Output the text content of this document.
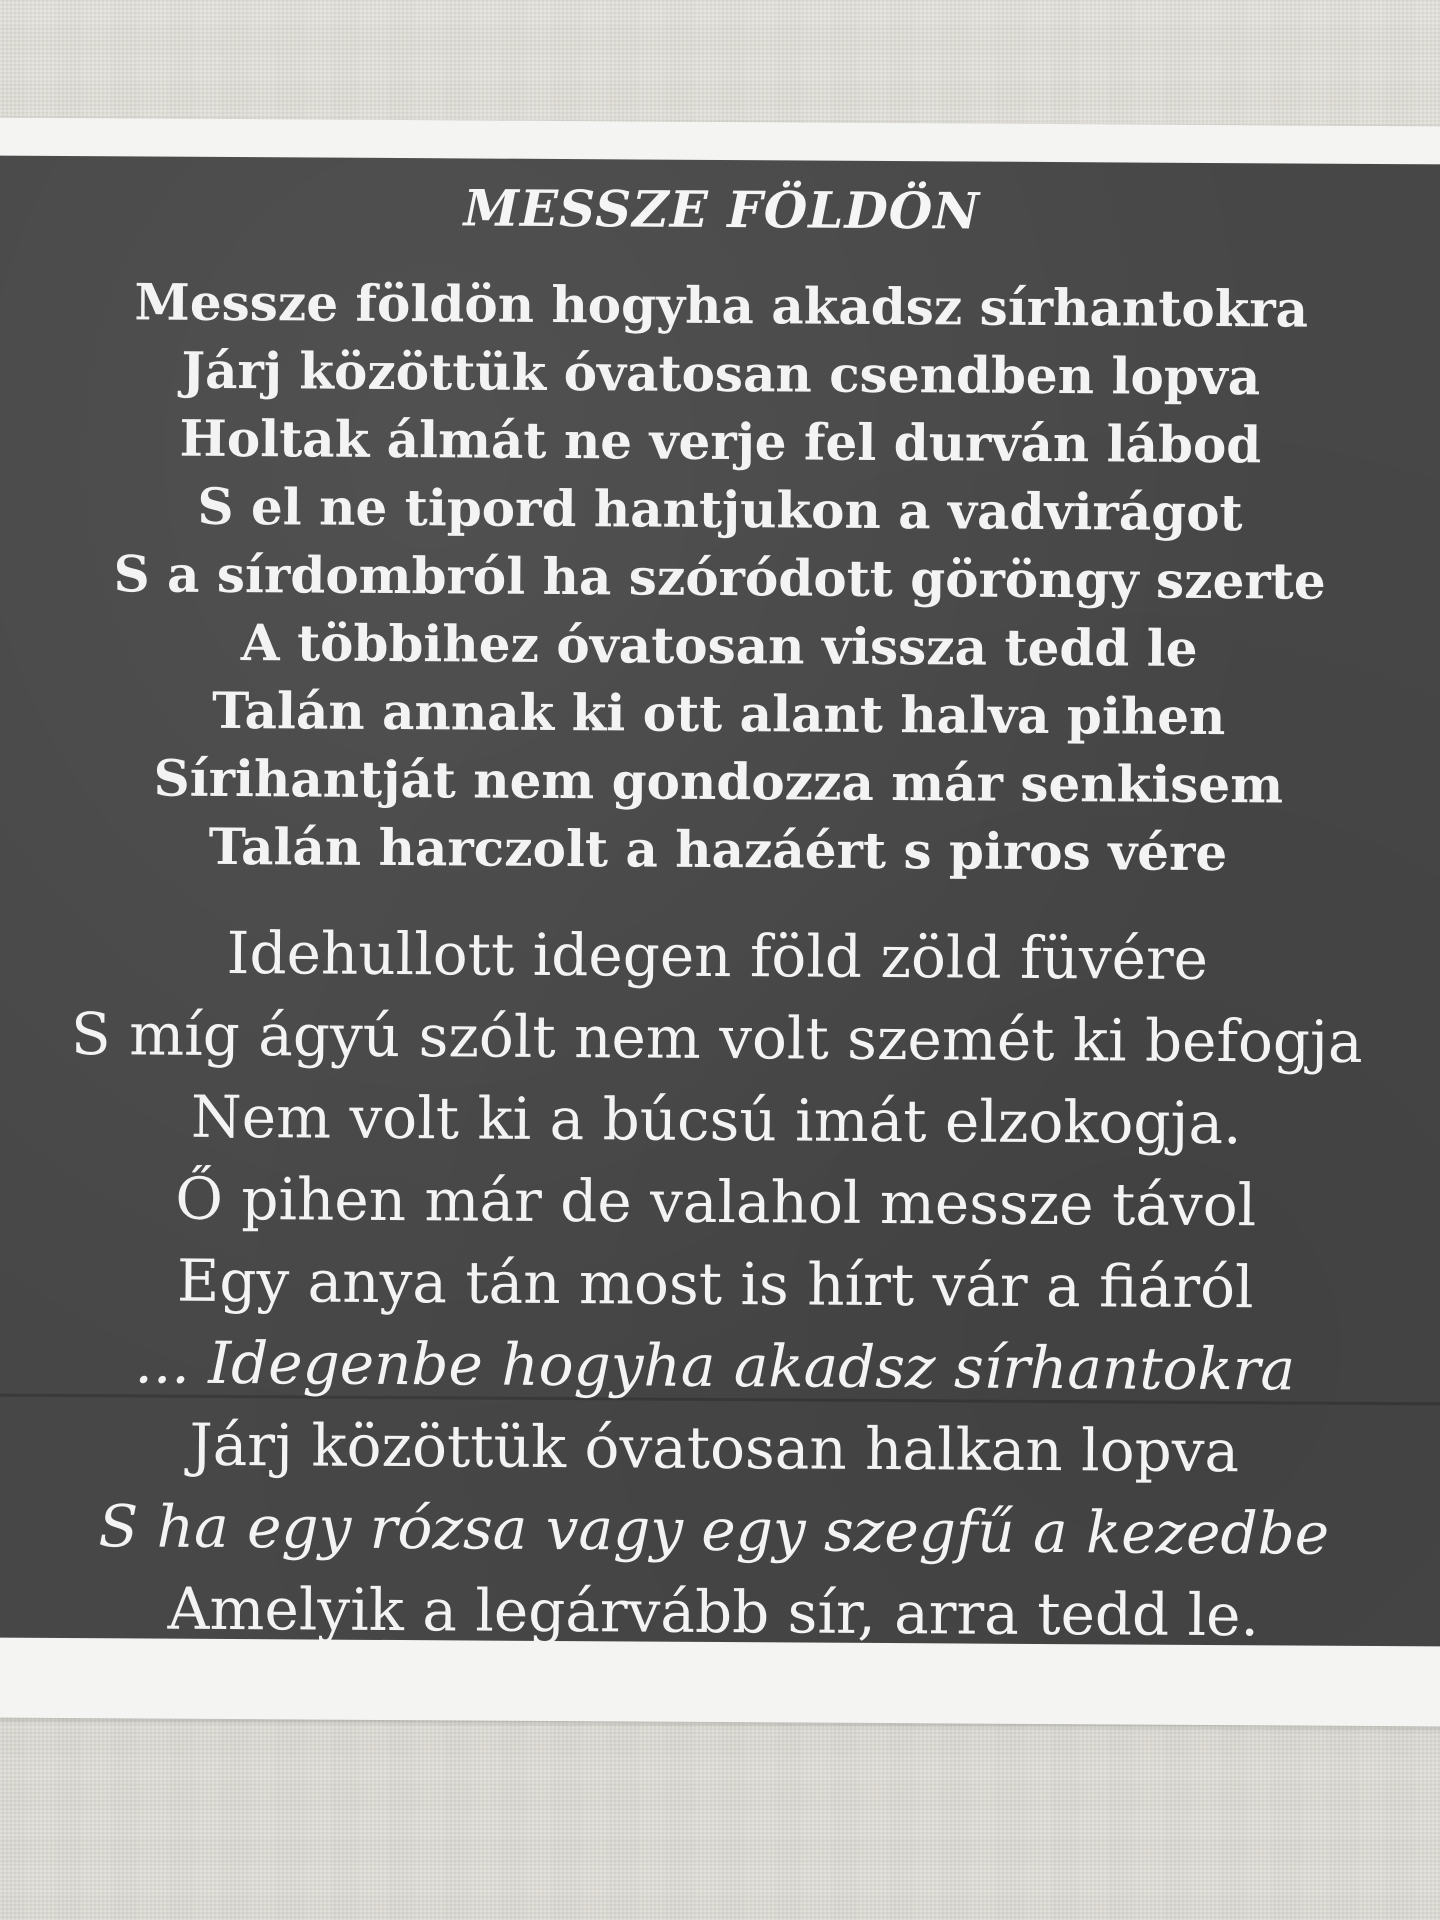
MESSZE FÖLDÖN
Messze földön hogyha akadsz sírhantokra
Járj közöttük óvatosan csendben lopva
Holtak álmát ne verje fel durván lábod
S el ne tipord hantjukon a vadvirágot
S a sírdombról ha szóródott göröngy szerte
A többihez óvatosan vissza tedd le
Talán annak ki ott alant halva pihen
Sírihantját nem gondozza már senkisem
Talán harczolt a hazáért s piros vére
Idehullott idegen föld zöld füvére
S míg ágyú szólt nem volt szemét ki befogja
Nem volt ki a búcsú imát elzokogja.
Ő pihen már de valahol messze távol
Egy anya tán most is hírt vár a fiáról
... Idegenbe hogyha akadsz sírhantokra
Járj közöttük óvatosan halkan lopva
S ha egy rózsa vagy egy szegfű a kezedbe
Amelyik a legárvább sír, arra tedd le.
